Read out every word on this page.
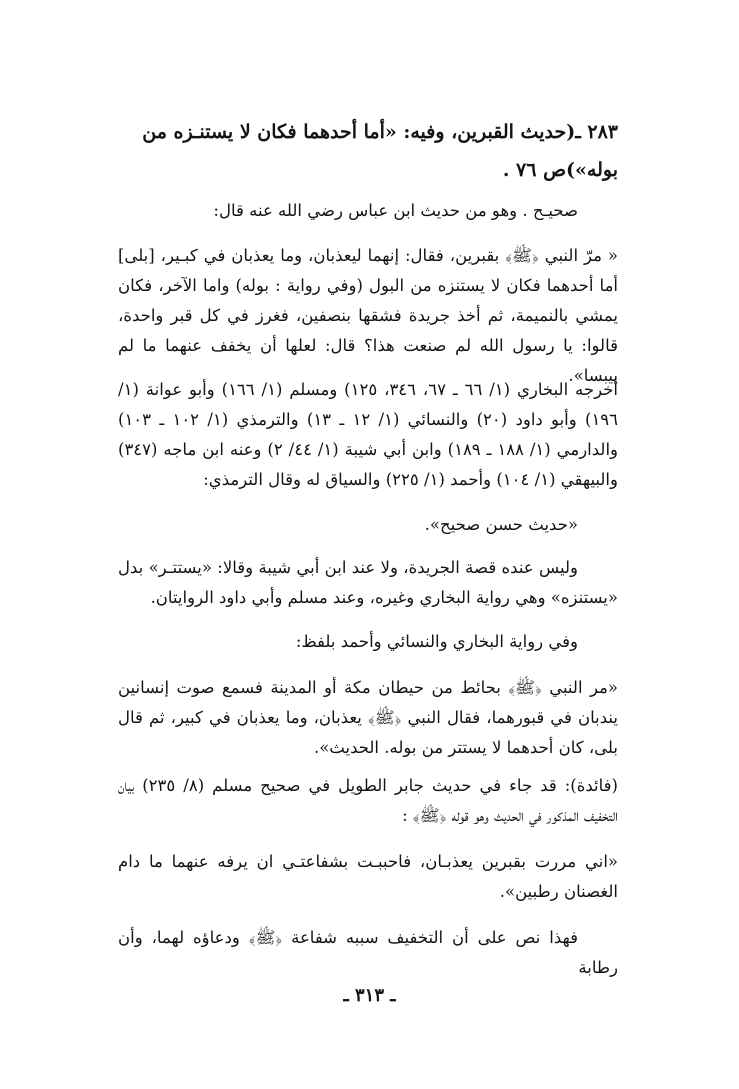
٢٨٣ ـ(حديث القبرين، وفيه: «أما أحدهما فكان لا يستنـزه من

بوله»)ص ٧٦ .

صحيـح . وهو من حديث ابن عباس رضي الله عنه قال:

« مرّ النبي ﴿ﷺ﴾ بقبرين، فقال: إنهما ليعذبان، وما يعذبان في كبـير، [بلى] أما أحدهما فكان لا يستنزه من البول (وفي رواية : بوله) واما الآخر، فكان يمشي بالنميمة، ثم أخذ جريدة فشقها بنصفين، فغرز في كل قبر واحدة، قالوا: يا رسول الله لم صنعت هذا؟ قال: لعلها أن يخفف عنهما ما لم ييبسا».

أخرجه البخاري (١/ ٦٦ ـ ٦٧، ٣٤٦، ١٢٥) ومسلم (١/ ١٦٦) وأبو عوانة (١/ ١٩٦) وأبو داود (٢٠) والنسائي (١/ ١٢ ـ ١٣) والترمذي (١/ ١٠٢ ـ ١٠٣) والدارمي (١/ ١٨٨ ـ ١٨٩) وابن أبي شيبة (١/ ٤٤/ ٢) وعنه ابن ماجه (٣٤٧) والبيهقي (١/ ١٠٤) وأحمد (١/ ٢٢٥) والسياق له وقال الترمذي:

«حديث حسن صحيح».

وليس عنده قصة الجريدة، ولا عند ابن أبي شيبة وقالا: «يستتـر» بدل «يستنزه» وهي رواية البخاري وغيره، وعند مسلم وأبي داود الروايتان.

وفي رواية البخاري والنسائي وأحمد بلفظ:

«مر النبي ﴿ﷺ﴾ بحائط من حيطان مكة أو المدينة فسمع صوت إنسانين يندبان في قبورهما، فقال النبي ﴿ﷺ﴾ يعذبان، وما يعذبان في كبير، ثم قال بلى، كان أحدهما لا يستتر من بوله. الحديث».

(فائدة): قد جاء في حديث جابر الطويل في صحيح مسلم (٨/ ٢٣٥) بيان التخفيف المذكور في الحديث وهو قوله ﴿ﷺ﴾ :

«اني مررت بقبرين يعذبـان، فاحببـت بشفاعتـي ان يرفه عنهما ما دام الغصنان رطبين».

فهذا نص على أن التخفيف سببه شفاعة ﴿ﷺ﴾ ودعاؤه لهما، وأن رطابة

ـ ٣١٣ ـ
